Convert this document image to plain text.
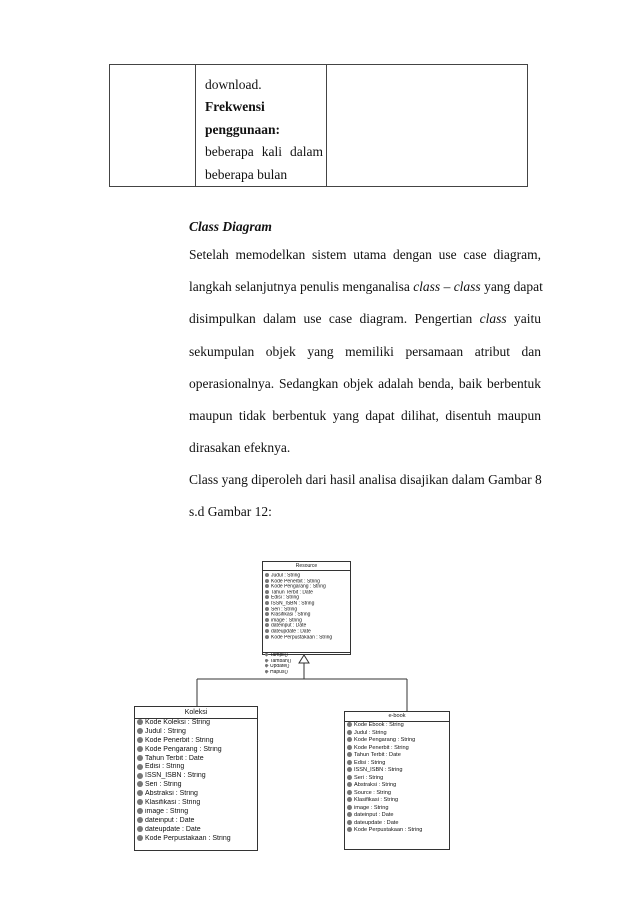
download.
Frekwensi
penggunaan:
beberapa kali dalam
beberapa bulan
Class Diagram
Setelah memodelkan sistem utama dengan use case diagram,
langkah selanjutnya penulis menganalisa class – class yang dapat
disimpulkan dalam use case diagram. Pengertian class yaitu
sekumpulan objek yang memiliki persamaan atribut dan
operasionalnya. Sedangkan objek adalah benda, baik berbentuk
maupun tidak berbentuk yang dapat dilihat, disentuh maupun
dirasakan efeknya.
Class yang diperoleh dari hasil analisa disajikan dalam Gambar 8
s.d Gambar 12:
Resource
Judul : String
Kode Penerbit : String
Kode Pengarang : String
Tahun Terbit : Date
Edisi : String
ISSN_ISBN : String
Seri : String
Klasifikasi : String
image : String
dateinput : Date
dateupdate : Date
Kode Perpustakaan : String
Tampil()
Tambah()
Update()
Hapus()
Koleksi
Kode Koleksi : String
Judul : String
Kode Penerbit : String
Kode Pengarang : String
Tahun Terbit : Date
Edisi : String
ISSN_ISBN : String
Seri : String
Abstraksi : String
Klasifikasi : String
image : String
dateinput : Date
dateupdate : Date
Kode Perpustakaan : String
e-book
Kode Ebook : String
Judul : String
Kode Pengarang : String
Kode Penerbit : String
Tahun Terbit : Date
Edisi : String
ISSN_ISBN : String
Seri : String
Abstraksi : String
Source : String
Klasifikasi : String
image : String
dateinput : Date
dateupdate : Date
Kode Perpustakaan : String
